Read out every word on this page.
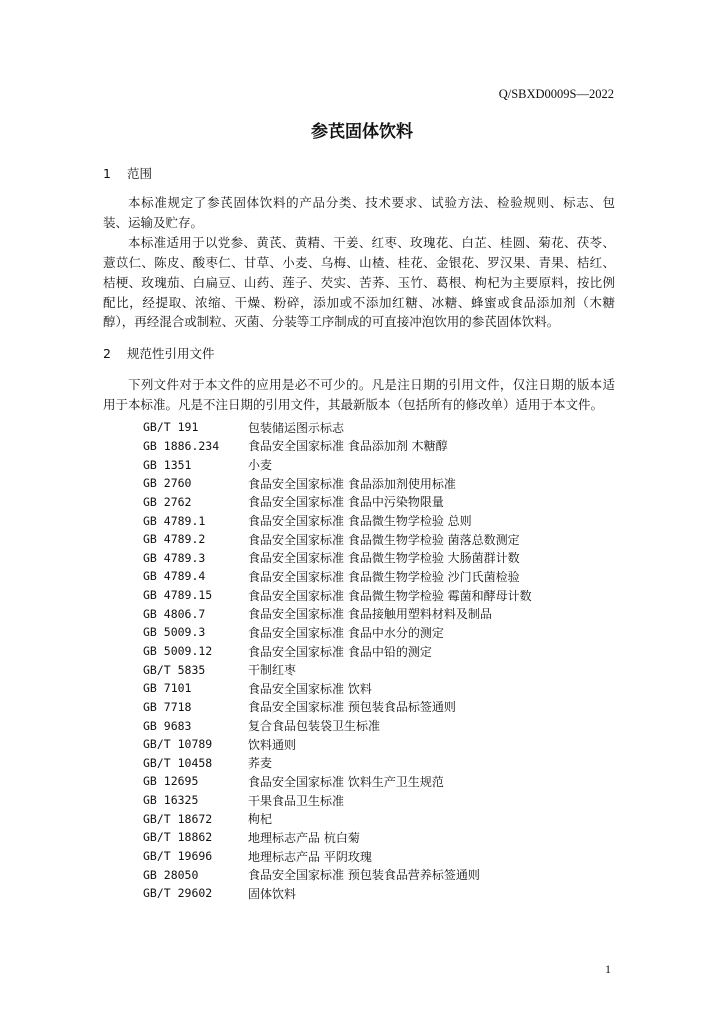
Q/SBXD0009S—2022
参芪固体饮料
1 范围

本标准规定了参芪固体饮料的产品分类、技术要求、试验方法、检验规则、标志、包装、运输及贮存。

本标准适用于以党参、黄芪、黄精、干姜、红枣、玫瑰花、白芷、桂圆、菊花、茯苓、薏苡仁、陈皮、酸枣仁、甘草、小麦、乌梅、山楂、桂花、金银花、罗汉果、青果、桔红、桔梗、玫瑰茄、白扁豆、山药、莲子、芡实、苦荞、玉竹、葛根、枸杞为主要原料，按比例配比，经提取、浓缩、干燥、粉碎，添加或不添加红糖、冰糖、蜂蜜或食品添加剂（木糖醇），再经混合或制粒、灭菌、分装等工序制成的可直接冲泡饮用的参芪固体饮料。

2 规范性引用文件

下列文件对于本文件的应用是必不可少的。凡是注日期的引用文件，仅注日期的版本适用于本标准。凡是不注日期的引用文件，其最新版本（包括所有的修改单）适用于本文件。

GB/T 191	包装储运图示标志
GB 1886.234	食品安全国家标准 食品添加剂 木糖醇
GB 1351	小麦
GB 2760	食品安全国家标准 食品添加剂使用标准
GB 2762	食品安全国家标准 食品中污染物限量
GB 4789.1	食品安全国家标准 食品微生物学检验 总则
GB 4789.2	食品安全国家标准 食品微生物学检验 菌落总数测定
GB 4789.3	食品安全国家标准 食品微生物学检验 大肠菌群计数
GB 4789.4	食品安全国家标准 食品微生物学检验 沙门氏菌检验
GB 4789.15	食品安全国家标准 食品微生物学检验 霉菌和酵母计数
GB 4806.7	食品安全国家标准 食品接触用塑料材料及制品
GB 5009.3	食品安全国家标准 食品中水分的测定
GB 5009.12	食品安全国家标准 食品中铅的测定
GB/T 5835	干制红枣
GB 7101	食品安全国家标准 饮料
GB 7718	食品安全国家标准 预包装食品标签通则
GB 9683	复合食品包装袋卫生标准
GB/T 10789	饮料通则
GB/T 10458	荞麦
GB 12695	食品安全国家标准 饮料生产卫生规范
GB 16325	干果食品卫生标准
GB/T 18672	枸杞
GB/T 18862	地理标志产品 杭白菊
GB/T 19696	地理标志产品 平阴玫瑰
GB 28050	食品安全国家标准 预包装食品营养标签通则
GB/T 29602	固体饮料
1
